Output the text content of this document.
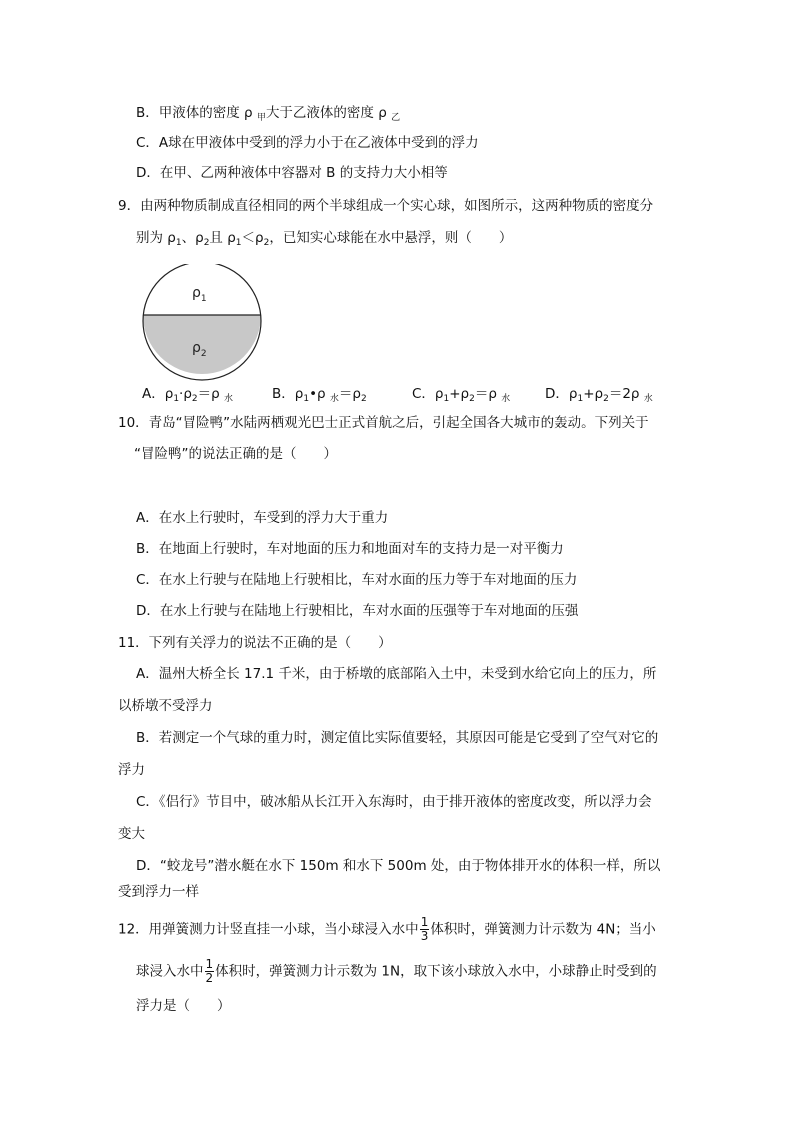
B．甲液体的密度 ρ $_甲$大于乙液体的密度 ρ $_乙$
C．A球在甲液体中受到的浮力小于在乙液体中受到的浮力
D．在甲、乙两种液体中容器对 B 的支持力大小相等
9．由两种物质制成直径相同的两个半球组成一个实心球，如图所示，这两种物质的密度分
别为 $\rho_1$、$\rho_2$且 $\rho_1<\rho_2$，已知实心球能在水中悬浮，则（　　）
$\rho_1$
$\rho_2$
A．$\rho_1\cdot\rho_2=\rho$ $_水$	B．$\rho_1•\rho$ $_水=\rho_2$	C．$\rho_1+\rho_2=\rho$ $_水$	D．$\rho_1+\rho_2=2\rho$ $_水$
10．青岛“冒险鸭”水陆两栖观光巴士正式首航之后，引起全国各大城市的轰动。下列关于
“冒险鸭”的说法正确的是（　　）
A．在水上行驶时，车受到的浮力大于重力
B．在地面上行驶时，车对地面的压力和地面对车的支持力是一对平衡力
C．在水上行驶与在陆地上行驶相比，车对水面的压力等于车对地面的压力
D．在水上行驶与在陆地上行驶相比，车对水面的压强等于车对地面的压强
11．下列有关浮力的说法不正确的是（　　）
A．温州大桥全长 17.1 千米，由于桥墩的底部陷入土中，未受到水给它向上的压力，所
以桥墩不受浮力
B．若测定一个气球的重力时，测定值比实际值要轻，其原因可能是它受到了空气对它的
浮力
C．《侣行》节目中，破冰船从长江开入东海时，由于排开液体的密度改变，所以浮力会
变大
D．“蛟龙号”潜水艇在水下 150m 和水下 500m 处，由于物体排开水的体积一样，所以
受到浮力一样
12．用弹簧测力计竖直挂一小球，当小球浸入水中 $\frac{1}{3}$ 体积时，弹簧测力计示数为 4N；当小
球浸入水中 $\frac{1}{2}$ 体积时，弹簧测力计示数为 1N，取下该小球放入水中，小球静止时受到的
浮力是（　　）
